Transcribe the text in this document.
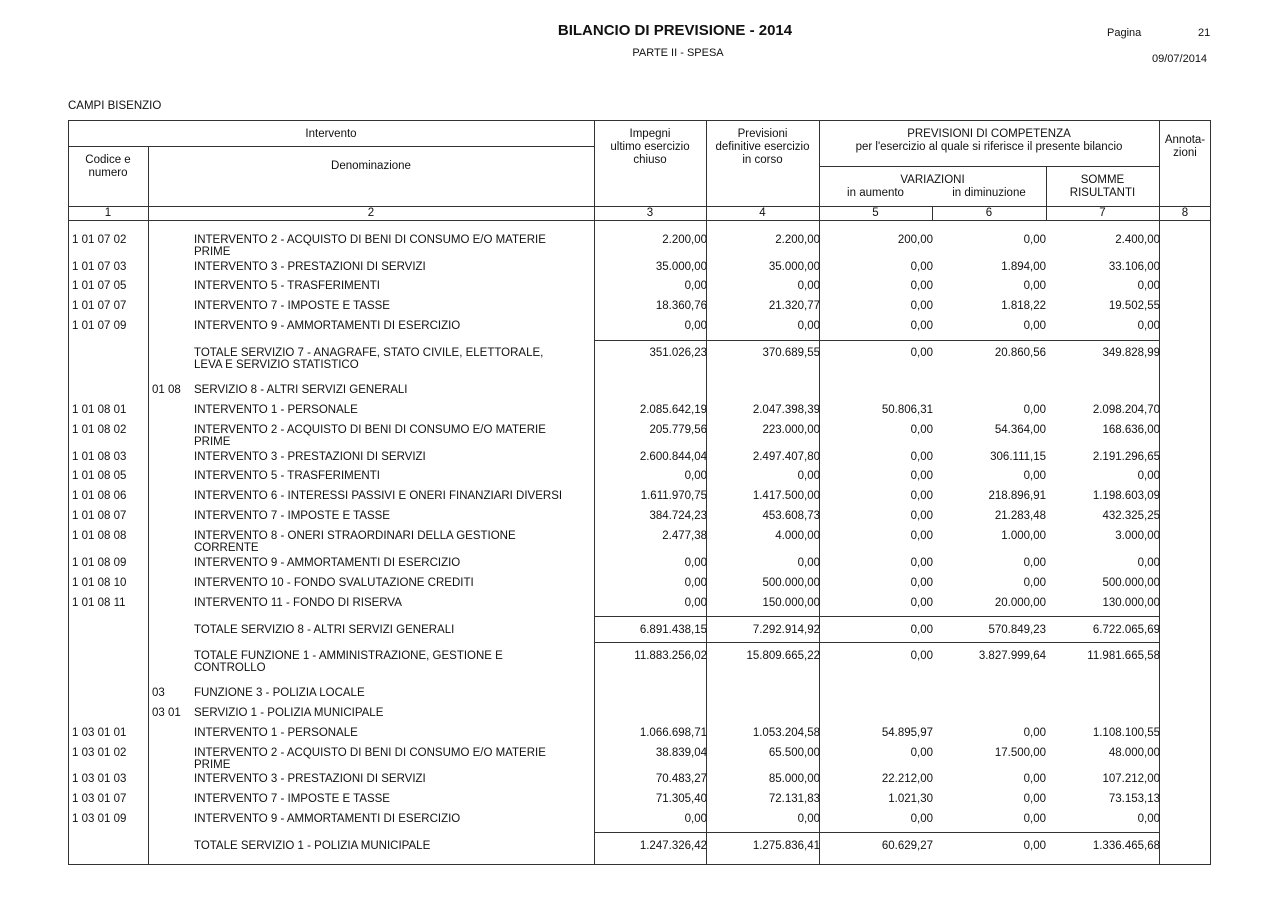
BILANCIO DI PREVISIONE - 2014
PARTE II - SPESA
Pagina	21
09/07/2014
CAMPI BISENZIO
Intervento
Codice e numero
Denominazione
Impegni
ultimo esercizio
chiuso
Previsioni
definitive esercizio
in corso
PREVISIONI DI COMPETENZA
per l'esercizio al quale si riferisce il presente bilancio
VARIAZIONI
in aumento	in diminuzione
SOMME
RISULTANTI
Annota-
zioni
1	2	3	4	5	6	7	8
1 01 07 02	INTERVENTO 2 - ACQUISTO DI BENI DI CONSUMO E/O MATERIE PRIME
2.200,00	2.200,00	200,00	0,00	2.400,00
1 01 07 03	INTERVENTO 3 - PRESTAZIONI DI SERVIZI	35.000,00	35.000,00	0,00	1.894,00	33.106,00
1 01 07 05	INTERVENTO 5 - TRASFERIMENTI	0,00	0,00	0,00	0,00	0,00
1 01 07 07	INTERVENTO 7 - IMPOSTE E TASSE	18.360,76	21.320,77	0,00	1.818,22	19.502,55
1 01 07 09	INTERVENTO 9 - AMMORTAMENTI DI ESERCIZIO	0,00	0,00	0,00	0,00	0,00
TOTALE SERVIZIO 7 - ANAGRAFE, STATO CIVILE, ELETTORALE, LEVA E SERVIZIO STATISTICO
351.026,23	370.689,55	0,00	20.860,56	349.828,99
01 08 SERVIZIO 8 - ALTRI SERVIZI GENERALI
1 01 08 01	INTERVENTO 1 - PERSONALE	2.085.642,19	2.047.398,39	50.806,31	0,00	2.098.204,70
1 01 08 02	INTERVENTO 2 - ACQUISTO DI BENI DI CONSUMO E/O MATERIE PRIME
205.779,56	223.000,00	0,00	54.364,00	168.636,00
1 01 08 03	INTERVENTO 3 - PRESTAZIONI DI SERVIZI	2.600.844,04	2.497.407,80	0,00	306.111,15	2.191.296,65
1 01 08 05	INTERVENTO 5 - TRASFERIMENTI	0,00	0,00	0,00	0,00	0,00
1 01 08 06	INTERVENTO 6 - INTERESSI PASSIVI E ONERI FINANZIARI DIVERSI	1.611.970,75	1.417.500,00	0,00	218.896,91	1.198.603,09
1 01 08 07	INTERVENTO 7 - IMPOSTE E TASSE	384.724,23	453.608,73	0,00	21.283,48	432.325,25
1 01 08 08	INTERVENTO 8 - ONERI STRAORDINARI DELLA GESTIONE CORRENTE
2.477,38	4.000,00	0,00	1.000,00	3.000,00
1 01 08 09	INTERVENTO 9 - AMMORTAMENTI DI ESERCIZIO	0,00	0,00	0,00	0,00	0,00
1 01 08 10	INTERVENTO 10 - FONDO SVALUTAZIONE CREDITI	0,00	500.000,00	0,00	0,00	500.000,00
1 01 08 11	INTERVENTO 11 - FONDO DI RISERVA	0,00	150.000,00	0,00	20.000,00	130.000,00
TOTALE SERVIZIO 8 - ALTRI SERVIZI GENERALI	6.891.438,15	7.292.914,92	0,00	570.849,23	6.722.065,69
TOTALE FUNZIONE 1 - AMMINISTRAZIONE, GESTIONE E CONTROLLO
11.883.256,02	15.809.665,22	0,00	3.827.999,64	11.981.665,58
03	FUNZIONE 3 - POLIZIA LOCALE
03 01 SERVIZIO 1 - POLIZIA MUNICIPALE
1 03 01 01	INTERVENTO 1 - PERSONALE	1.066.698,71	1.053.204,58	54.895,97	0,00	1.108.100,55
1 03 01 02	INTERVENTO 2 - ACQUISTO DI BENI DI CONSUMO E/O MATERIE PRIME
38.839,04	65.500,00	0,00	17.500,00	48.000,00
1 03 01 03	INTERVENTO 3 - PRESTAZIONI DI SERVIZI	70.483,27	85.000,00	22.212,00	0,00	107.212,00
1 03 01 07	INTERVENTO 7 - IMPOSTE E TASSE	71.305,40	72.131,83	1.021,30	0,00	73.153,13
1 03 01 09	INTERVENTO 9 - AMMORTAMENTI DI ESERCIZIO	0,00	0,00	0,00	0,00	0,00
TOTALE SERVIZIO 1 - POLIZIA MUNICIPALE	1.247.326,42	1.275.836,41	60.629,27	0,00	1.336.465,68
